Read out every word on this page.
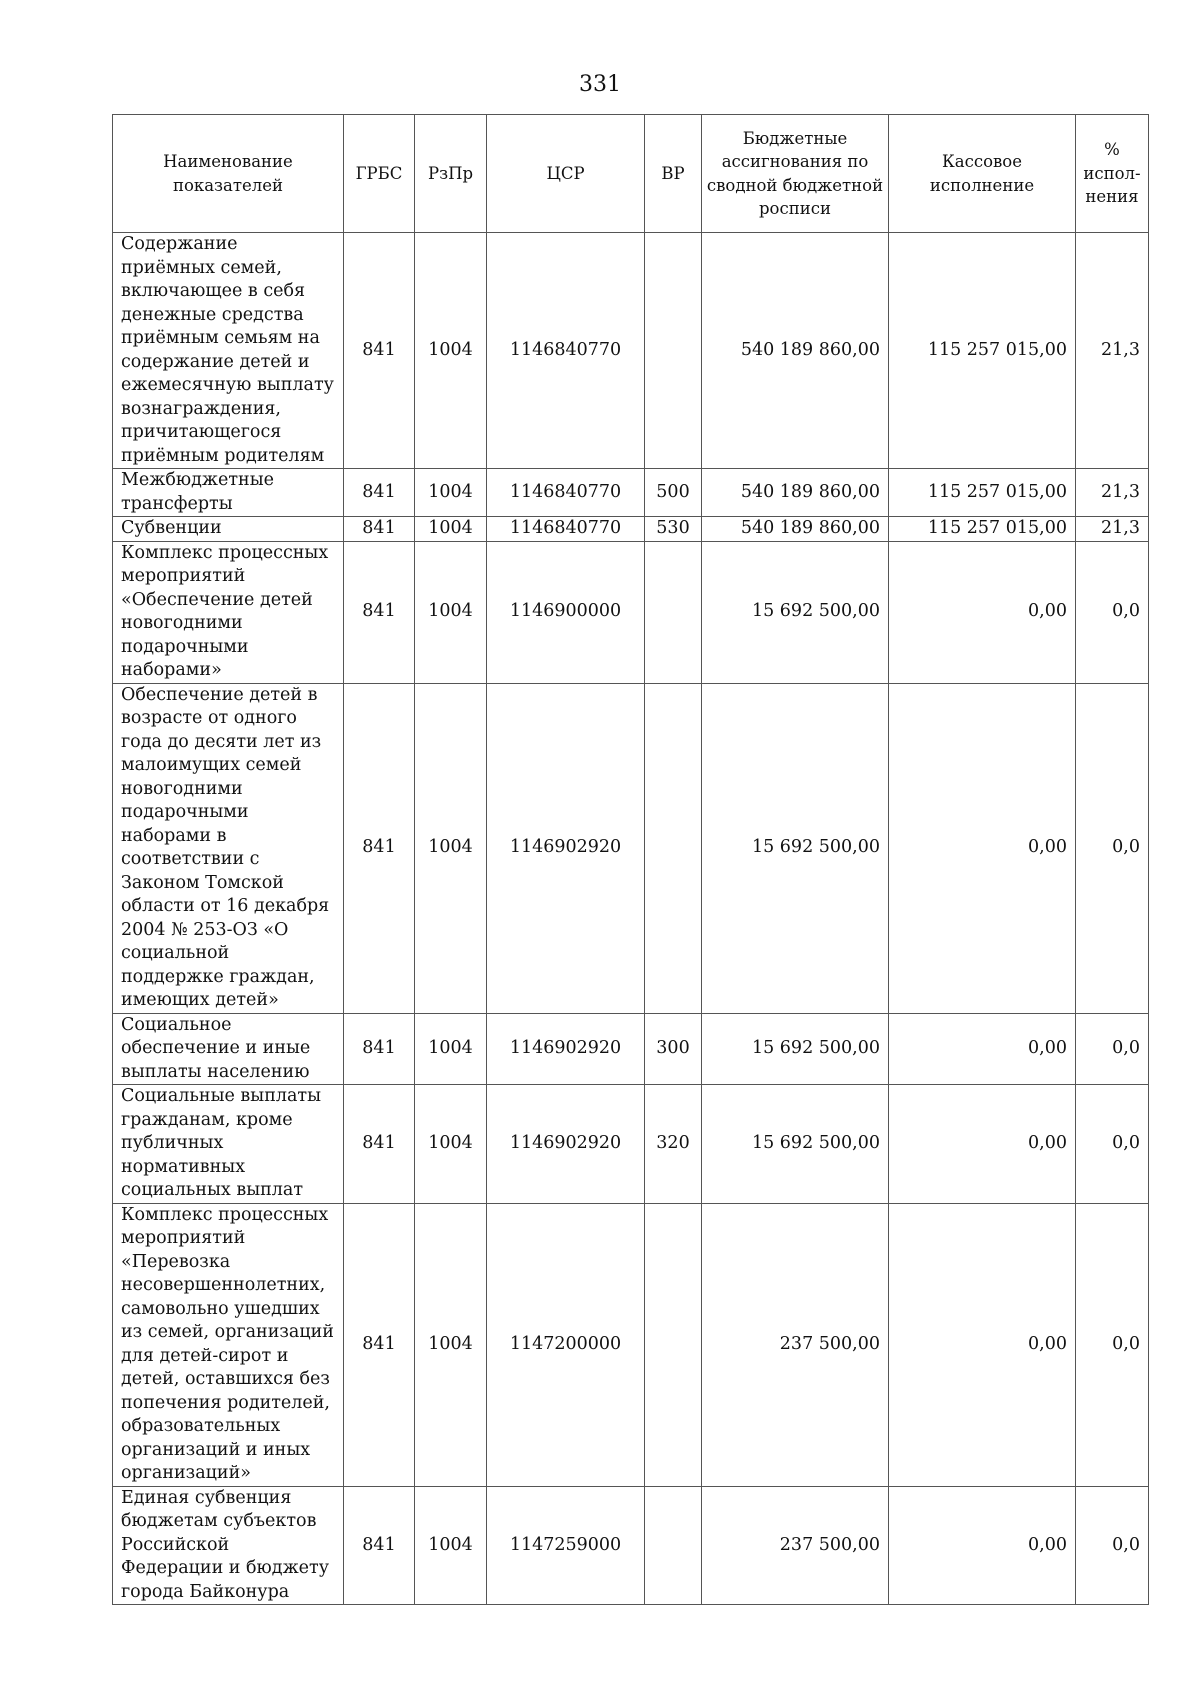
331
Наименование показателей	ГРБС	РзПр	ЦСР	ВР	Бюджетные ассигнования по сводной бюджетной росписи	Кассовое исполнение	% испол-нения
Содержание приёмных семей, включающее в себя денежные средства приёмным семьям на содержание детей и ежемесячную выплату вознаграждения, причитающегося приёмным родителям	841	1004	1146840770		540 189 860,00	115 257 015,00	21,3
Межбюджетные трансферты	841	1004	1146840770	500	540 189 860,00	115 257 015,00	21,3
Субвенции	841	1004	1146840770	530	540 189 860,00	115 257 015,00	21,3
Комплекс процессных мероприятий «Обеспечение детей новогодними подарочными наборами»	841	1004	1146900000		15 692 500,00	0,00	0,0
Обеспечение детей в возрасте от одного года до десяти лет из малоимущих семей новогодними подарочными наборами в соответствии с Законом Томской области от 16 декабря 2004 № 253-ОЗ «О социальной поддержке граждан, имеющих детей»	841	1004	1146902920		15 692 500,00	0,00	0,0
Социальное обеспечение и иные выплаты населению	841	1004	1146902920	300	15 692 500,00	0,00	0,0
Социальные выплаты гражданам, кроме публичных нормативных социальных выплат	841	1004	1146902920	320	15 692 500,00	0,00	0,0
Комплекс процессных мероприятий «Перевозка несовершеннолетних, самовольно ушедших из семей, организаций для детей-сирот и детей, оставшихся без попечения родителей, образовательных организаций и иных организаций»	841	1004	1147200000		237 500,00	0,00	0,0
Единая субвенция бюджетам субъектов Российской Федерации и бюджету города Байконура	841	1004	1147259000		237 500,00	0,00	0,0
